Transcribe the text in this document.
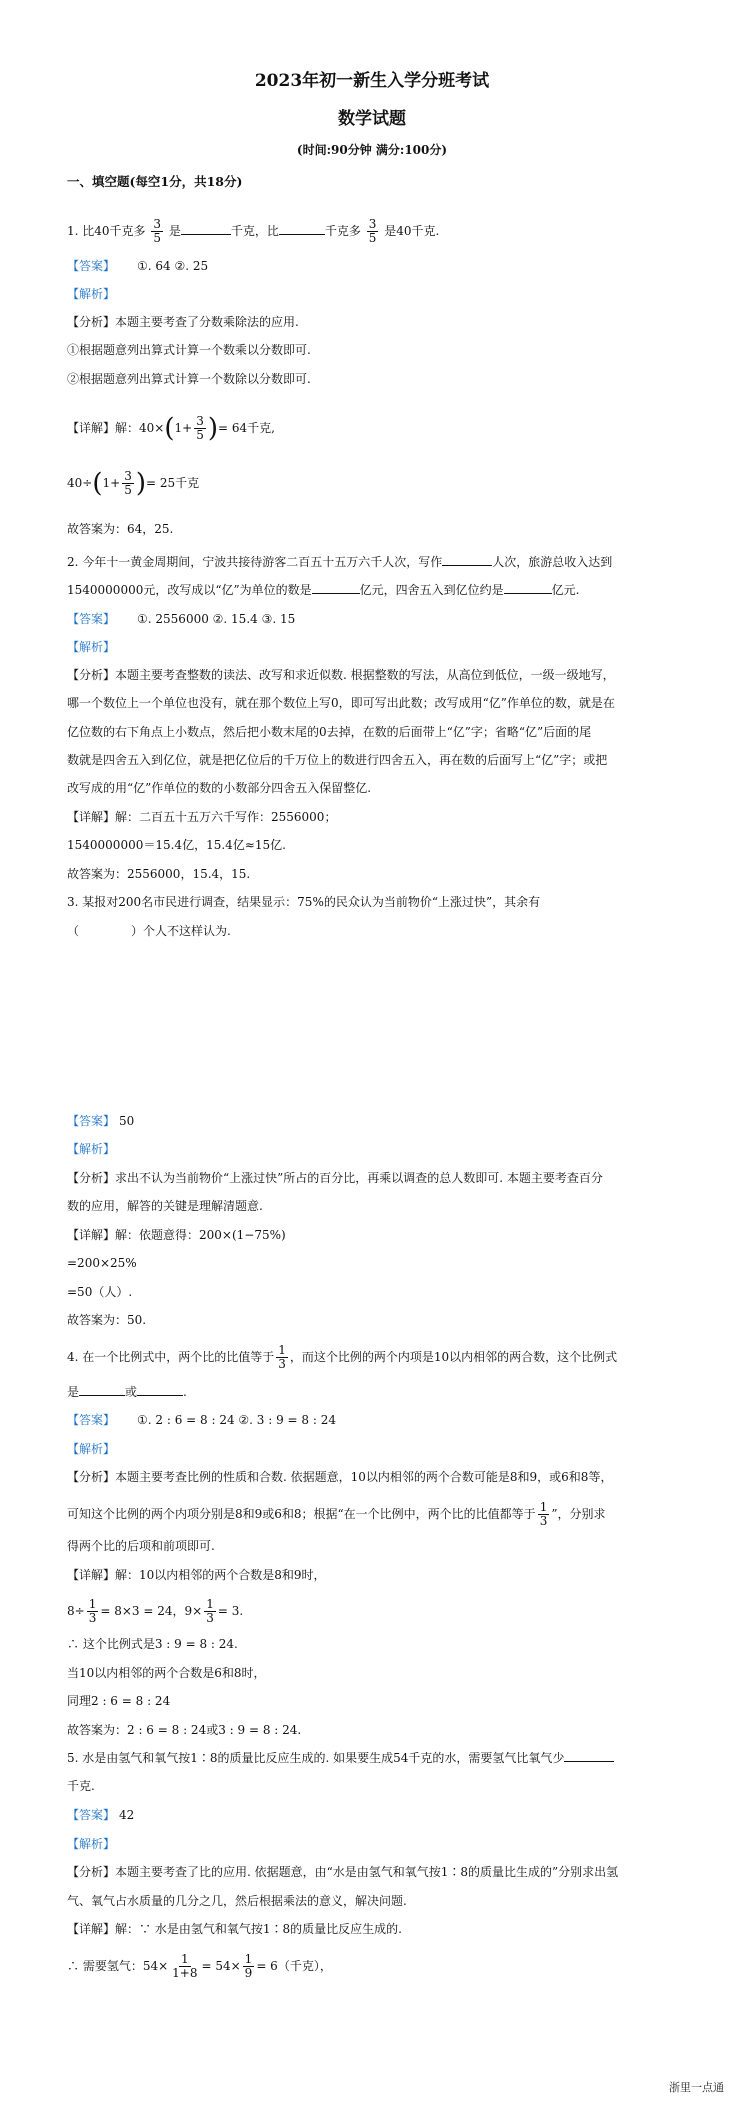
2023年初一新生入学分班考试
数学试题
(时间:90分钟 满分:100分)
一、填空题(每空1分，共18分)
1. 比40千克多 $\frac{3}{5}$ 是	千克，比	千克多 $\frac{3}{5}$ 是40千克.
【答案】 ①. 64 ②. 25
【解析】
【分析】本题主要考查了分数乘除法的应用.
①根据题意列出算式计算一个数乘以分数即可.
②根据题意列出算式计算一个数除以分数即可.
【详解】解：$40\times(1+ \frac{3}{5}$ )= 64千克,
$40\div(1+ \frac{3}{5}$ )= 25千克
故答案为：64，25.
2. 今年十一黄金周期间，宁波共接待游客二百五十五万六千人次，写作	人次，旅游总收入达到
1540000000元，改写成以“亿”为单位的数是	亿元，四舍五入到亿位约是	亿元.
【答案】 ①. 2556000 ②. 15.4 ③. 15
【解析】
【分析】本题主要考查整数的读法、改写和求近似数. 根据整数的写法，从高位到低位，一级一级地写，
哪一个数位上一个单位也没有，就在那个数位上写0，即可写出此数；改写成用“亿”作单位的数，就是在
亿位数的右下角点上小数点，然后把小数末尾的0去掉，在数的后面带上“亿”字；省略“亿”后面的尾
数就是四舍五入到亿位，就是把亿位后的千万位上的数进行四舍五入，再在数的后面写上“亿”字；或把
改写成的用“亿”作单位的数的小数部分四舍五入保留整亿.
【详解】解：二百五十五万六千写作：2556000；
1540000000＝15.4亿，15.4亿≈15亿.
故答案为：2556000，15.4，15.
3. 某报对200名市民进行调查，结果显示：75%的民众认为当前物价“上涨过快”，其余有
（	）个人不这样认为.
【答案】 50
【解析】
【分析】求出不认为当前物价“上涨过快”所占的百分比，再乘以调查的总人数即可. 本题主要考查百分
数的应用，解答的关键是理解清题意.
【详解】解：依题意得：200×(1−75%)
=200×25%
=50（人）.
故答案为：50.
4. 在一个比例式中，两个比的比值等于 $\frac{1}{3}$ ，而这个比例的两个内项是10以内相邻的两合数，这个比例式
是	或	.
【答案】 ①. 2 : 6 = 8 : 24 ②. 3 : 9 = 8 : 24
【解析】
【分析】本题主要考查比例的性质和合数. 依据题意，10以内相邻的两个合数可能是8和9，或6和8等，
可知这个比例的两个内项分别是8和9或6和8；根据“在一个比例中，两个比的比值都等于 $\frac{1}{3}$ ”，分别求
得两个比的后项和前项即可.
【详解】解：10以内相邻的两个合数是8和9时，
$8\div \frac{1}{3} = 8\times 3 = 24$，$9\times \frac{1}{3} = 3$.
∴ 这个比例式是3 : 9 = 8 : 24.
当10以内相邻的两个合数是6和8时，
同理2 : 6 = 8 : 24
故答案为：2 : 6 = 8 : 24或3 : 9 = 8 : 24.
5. 水是由氢气和氧气按1∶8的质量比反应生成的. 如果要生成54千克的水，需要氢气比氧气少
千克.
【答案】 42
【解析】
【分析】本题主要考查了比的应用. 依据题意，由“水是由氢气和氧气按1∶8的质量比生成的”分别求出氢
气、氧气占水质量的几分之几，然后根据乘法的意义，解决问题.
【详解】解：∵ 水是由氢气和氧气按1∶8的质量比反应生成的.
∴ 需要氢气：$54\times \frac{1}{1+8} = 54\times \frac{1}{9} = 6$（千克），
浙里一点通
